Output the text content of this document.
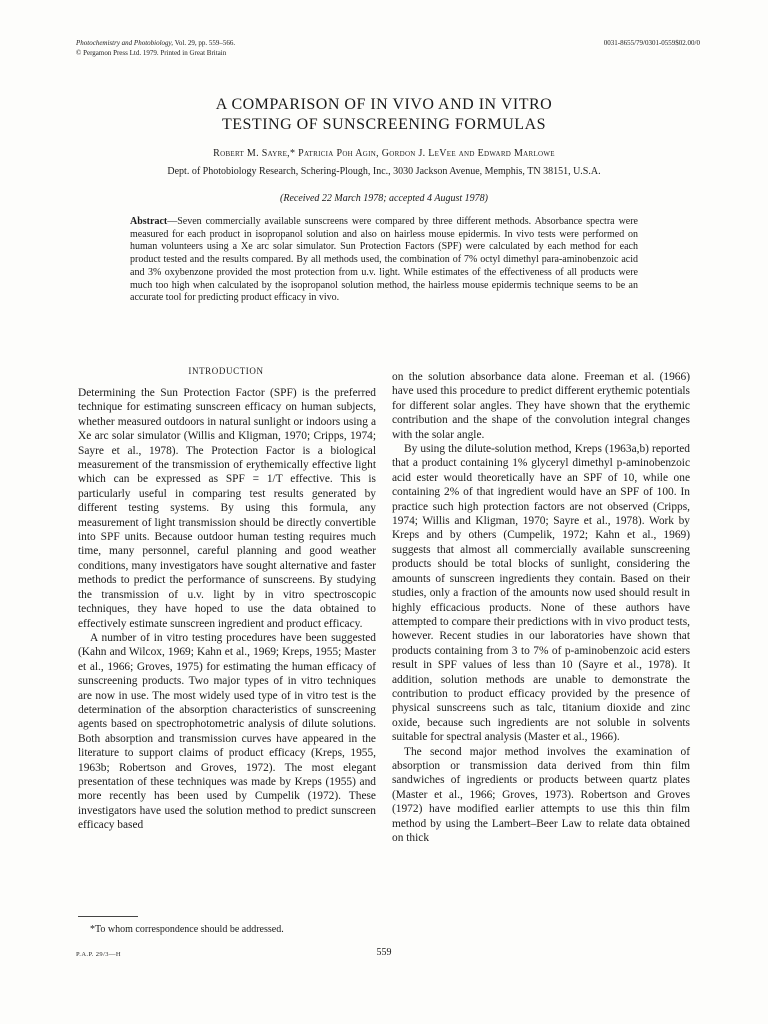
Photochemistry and Photobiology, Vol. 29, pp. 559–566.
© Pergamon Press Ltd. 1979. Printed in Great Britain
0031-8655/79/0301-0559$02.00/0
A COMPARISON OF IN VIVO AND IN VITRO
TESTING OF SUNSCREENING FORMULAS
Robert M. Sayre,* Patricia Poh Agin, Gordon J. LeVee and Edward Marlowe
Dept. of Photobiology Research, Schering-Plough, Inc., 3030 Jackson Avenue, Memphis, TN 38151, U.S.A.
(Received 22 March 1978; accepted 4 August 1978)
Abstract—Seven commercially available sunscreens were compared by three different methods. Absorbance spectra were measured for each product in isopropanol solution and also on hairless mouse epidermis. In vivo tests were performed on human volunteers using a Xe arc solar simulator. Sun Protection Factors (SPF) were calculated by each method for each product tested and the results compared. By all methods used, the combination of 7% octyl dimethyl para-aminobenzoic acid and 3% oxybenzone provided the most protection from u.v. light. While estimates of the effectiveness of all products were much too high when calculated by the isopropanol solution method, the hairless mouse epidermis technique seems to be an accurate tool for predicting product efficacy in vivo.
INTRODUCTION

Determining the Sun Protection Factor (SPF) is the preferred technique for estimating sunscreen efficacy on human subjects, whether measured outdoors in natural sunlight or indoors using a Xe arc solar simulator (Willis and Kligman, 1970; Cripps, 1974; Sayre et al., 1978). The Protection Factor is a biological measurement of the transmission of erythemically effective light which can be expressed as SPF = 1/T effective. This is particularly useful in comparing test results generated by different testing systems. By using this formula, any measurement of light transmission should be directly convertible into SPF units. Because outdoor human testing requires much time, many personnel, careful planning and good weather conditions, many investigators have sought alternative and faster methods to predict the performance of sunscreens. By studying the transmission of u.v. light by in vitro spectroscopic techniques, they have hoped to use the data obtained to effectively estimate sunscreen ingredient and product efficacy.

A number of in vitro testing procedures have been suggested (Kahn and Wilcox, 1969; Kahn et al., 1969; Kreps, 1955; Master et al., 1966; Groves, 1975) for estimating the human efficacy of sunscreening products. Two major types of in vitro techniques are now in use. The most widely used type of in vitro test is the determination of the absorption characteristics of sunscreening agents based on spectrophotometric analysis of dilute solutions. Both absorption and transmission curves have appeared in the literature to support claims of product efficacy (Kreps, 1955, 1963b; Robertson and Groves, 1972). The most elegant presentation of these techniques was made by Kreps (1955) and more recently has been used by Cumpelik (1972). These investigators have used the solution method to predict sunscreen efficacy based

on the solution absorbance data alone. Freeman et al. (1966) have used this procedure to predict different erythemic potentials for different solar angles. They have shown that the erythemic contribution and the shape of the convolution integral changes with the solar angle.

By using the dilute-solution method, Kreps (1963a,b) reported that a product containing 1% glyceryl dimethyl p-aminobenzoic acid ester would theoretically have an SPF of 10, while one containing 2% of that ingredient would have an SPF of 100. In practice such high protection factors are not observed (Cripps, 1974; Willis and Kligman, 1970; Sayre et al., 1978). Work by Kreps and by others (Cumpelik, 1972; Kahn et al., 1969) suggests that almost all commercially available sunscreening products should be total blocks of sunlight, considering the amounts of sunscreen ingredients they contain. Based on their studies, only a fraction of the amounts now used should result in highly efficacious products. None of these authors have attempted to compare their predictions with in vivo product tests, however. Recent studies in our laboratories have shown that products containing from 3 to 7% of p-aminobenzoic acid esters result in SPF values of less than 10 (Sayre et al., 1978). It addition, solution methods are unable to demonstrate the contribution to product efficacy provided by the presence of physical sunscreens such as talc, titanium dioxide and zinc oxide, because such ingredients are not soluble in solvents suitable for spectral analysis (Master et al., 1966).

The second major method involves the examination of absorption or transmission data derived from thin film sandwiches of ingredients or products between quartz plates (Master et al., 1966; Groves, 1973). Robertson and Groves (1972) have modified earlier attempts to use this thin film method by using the Lambert–Beer Law to relate data obtained on thick

*To whom correspondence should be addressed.
P.A.P. 29/3—H	559
